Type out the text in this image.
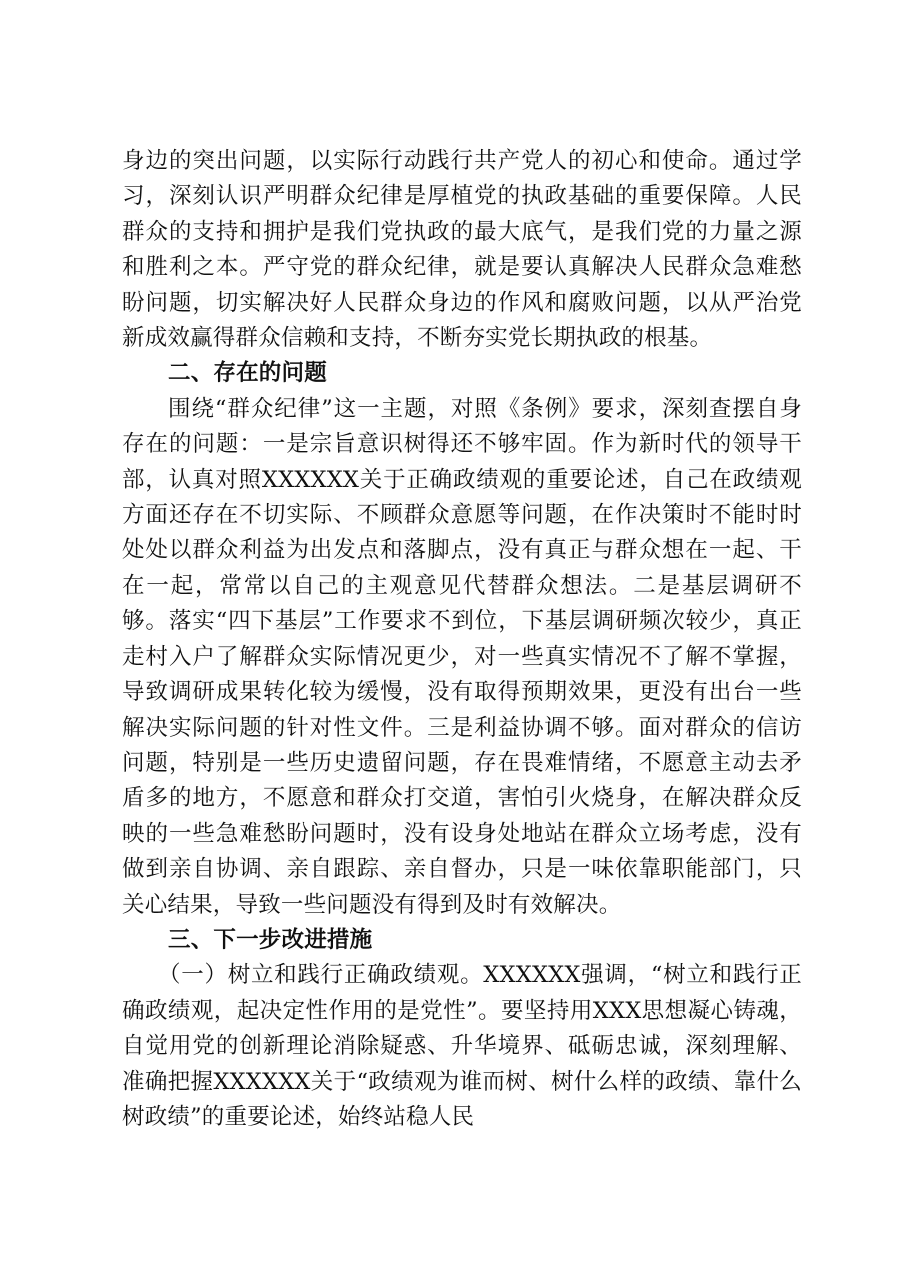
身边的突出问题，以实际行动践行共产党人的初心和使命。通过学习，深刻认识严明群众纪律是厚植党的执政基础的重要保障。人民群众的支持和拥护是我们党执政的最大底气，是我们党的力量之源和胜利之本。严守党的群众纪律，就是要认真解决人民群众急难愁盼问题，切实解决好人民群众身边的作风和腐败问题，以从严治党新成效赢得群众信赖和支持，不断夯实党长期执政的根基。

二、存在的问题

围绕“群众纪律”这一主题，对照《条例》要求，深刻查摆自身存在的问题：一是宗旨意识树得还不够牢固。作为新时代的领导干部，认真对照XXXXXX关于正确政绩观的重要论述，自己在政绩观方面还存在不切实际、不顾群众意愿等问题，在作决策时不能时时处处以群众利益为出发点和落脚点，没有真正与群众想在一起、干在一起，常常以自己的主观意见代替群众想法。二是基层调研不够。落实“四下基层”工作要求不到位，下基层调研频次较少，真正走村入户了解群众实际情况更少，对一些真实情况不了解不掌握，导致调研成果转化较为缓慢，没有取得预期效果，更没有出台一些解决实际问题的针对性文件。三是利益协调不够。面对群众的信访问题，特别是一些历史遗留问题，存在畏难情绪，不愿意主动去矛盾多的地方，不愿意和群众打交道，害怕引火烧身，在解决群众反映的一些急难愁盼问题时，没有设身处地站在群众立场考虑，没有做到亲自协调、亲自跟踪、亲自督办，只是一味依靠职能部门，只关心结果，导致一些问题没有得到及时有效解决。

三、下一步改进措施

（一）树立和践行正确政绩观。XXXXXX强调，“树立和践行正确政绩观，起决定性作用的是党性”。要坚持用XXX思想凝心铸魂，自觉用党的创新理论消除疑惑、升华境界、砥砺忠诚，深刻理解、准确把握XXXXXX关于“政绩观为谁而树、树什么样的政绩、靠什么树政绩”的重要论述，始终站稳人民
